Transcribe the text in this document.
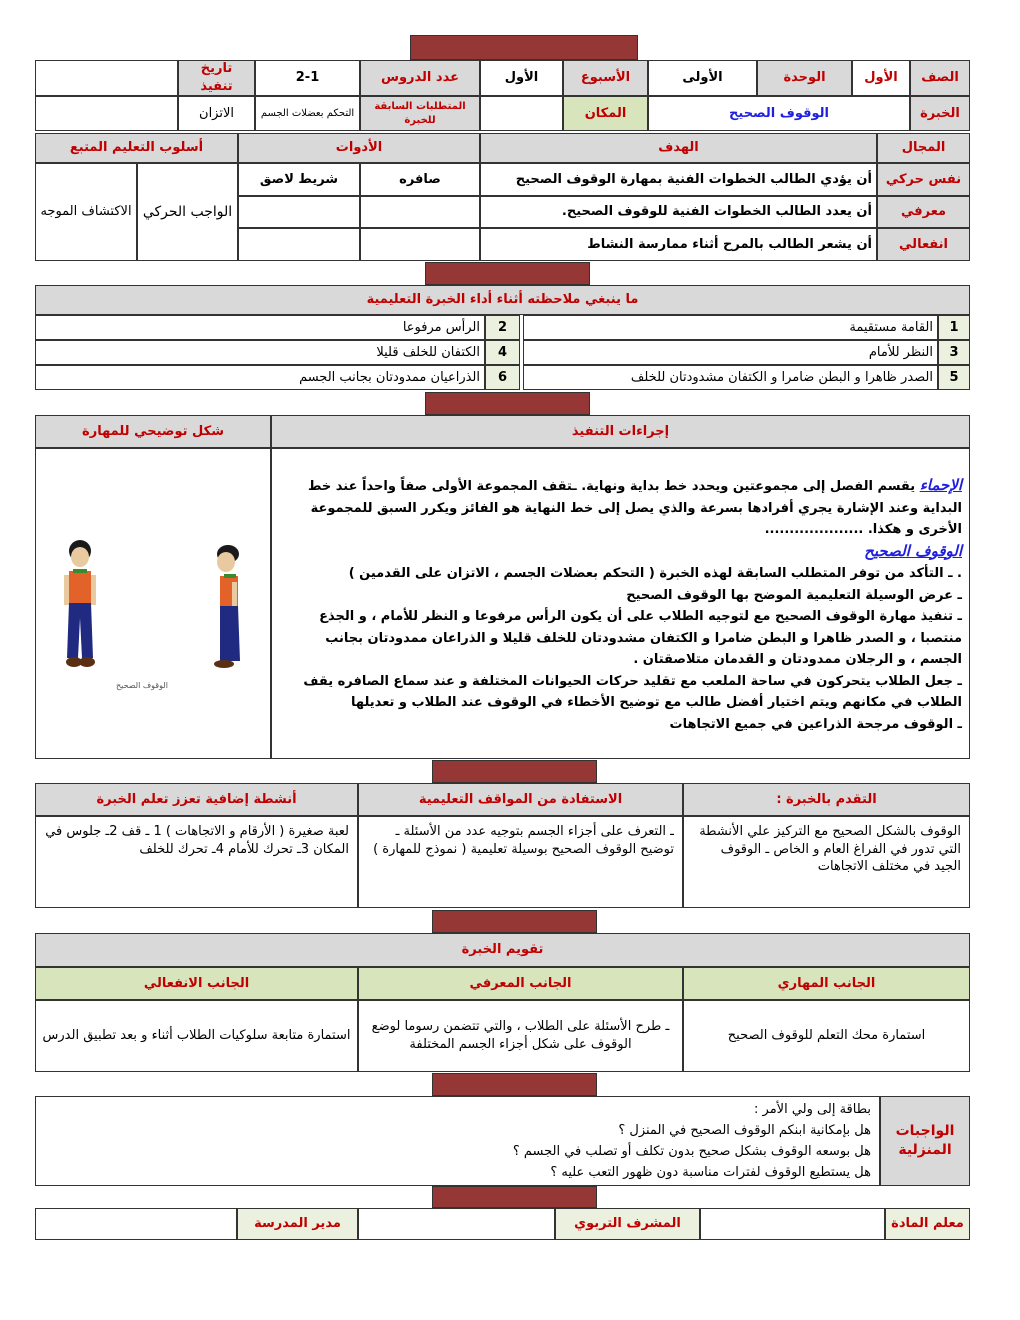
الصف
الأول
الوحدة
الأولى
الأسبوع
الأول
عدد الدروس
2-1
تاريخ تنفيذ
الخبرة
الوقوف الصحيح
المكان
المتطلبات السابقة للخبرة
التحكم بعضلات الجسم
الاتزان
المجال
الهدف
الأدوات
أسلوب التعليم المتبع
نفس حركي
أن يؤدي الطالب الخطوات الفنية بمهارة الوقوف الصحيح
صافره
شريط لاصق
معرفي
أن يعدد الطالب الخطوات الفنية للوقوف الصحيح.
انفعالي
أن يشعر الطالب بالمرح أثناء ممارسة النشاط
الواجب الحركي
الاكتشاف الموجه
ما ينبغي ملاحظته أثناء أداء الخبرة التعليمية
1
القامة مستقيمة
2
الرأس مرفوعا
3
النظر للأمام
4
الكتفان للخلف قليلا
5
الصدر ظاهرا و البطن ضامرا و الكتفان مشدودتان للخلف
6
الذراعيان ممدودتان بجانب الجسم
شكل توضيحي للمهارة	إجراءات التنفيذ
الوقوف الصحيح

الإحماء يقسم الفصل إلى مجموعتين ويحدد خط بداية ونهاية. ـتقف المجموعة الأولى صفاً واحداً عند خط البداية وعند الإشارة يجري أفرادها بسرعة والذي يصل إلى خط النهاية هو الفائز ويكرر السبق للمجموعة الأخرى و هكذا. ....................

الوقوف الصحيح

. ـ التأكد من توفر المتطلب السابقة لهذه الخبرة ( التحكم بعضلات الجسم ، الاتزان على القدمين )

ـ عرض الوسيلة التعليمية الموضح بها الوقوف الصحيح

ـ تنفيذ مهارة الوقوف الصحيح مع لتوجيه الطلاب على أن يكون الرأس مرفوعا و النظر للأمام ، و الجذع منتصبا ، و الصدر ظاهرا و البطن ضامرا و الكتفان مشدودتان للخلف قليلا و الذراعان ممدودتان بجانب الجسم ، و الرجلان ممدودتان و القدمان متلاصقتان .

ـ جعل الطلاب يتحركون في ساحة الملعب مع تقليد حركات الحيوانات المختلفة و عند سماع الصافره يقف الطلاب في مكانهم ويتم اختيار أفضل طالب مع توضيح الأخطاء في الوقوف عند الطلاب و تعديلها

ـ الوقوف مرجحة الذراعين في جميع الاتجاهات

التقدم بالخبرة :
الاستفادة من المواقف التعليمية
أنشطة إضافية تعزز تعلم الخبرة
الوقوف بالشكل الصحيح مع التركيز علي الأنشطة التي تدور في الفراغ العام و الخاص ـ الوقوف الجيد في مختلف الاتجاهات
ـ التعرف على أجزاء الجسم بتوجيه عدد من الأسئلة ـ توضيح الوقوف الصحيح بوسيلة تعليمية ( نموذج للمهارة )
لعبة صغيرة ( الأرقام و الاتجاهات ) 1 ـ قف 2ـ جلوس في المكان 3ـ تحرك للأمام 4ـ تحرك للخلف
تقويم الخبرة
الجانب المهاري
الجانب المعرفي
الجانب الانفعالي
استمارة محك التعلم للوقوف الصحيح
ـ طرح الأسئلة على الطلاب ، والتي تتضمن رسوما لوضع الوقوف على شكل أجزاء الجسم المختلفة
استمارة متابعة سلوكيات الطلاب أثناء و بعد تطبيق الدرس
الواجبات المنزلية
بطاقة إلى ولي الأمر :
هل بإمكانية ابنكم الوقوف الصحيح في المنزل ؟
هل بوسعه الوقوف بشكل صحيح بدون تكلف أو تصلب في الجسم ؟
هل يستطيع الوقوف لفترات مناسبة دون ظهور التعب عليه ؟
معلم المادة
المشرف التربوي
مدير المدرسة
